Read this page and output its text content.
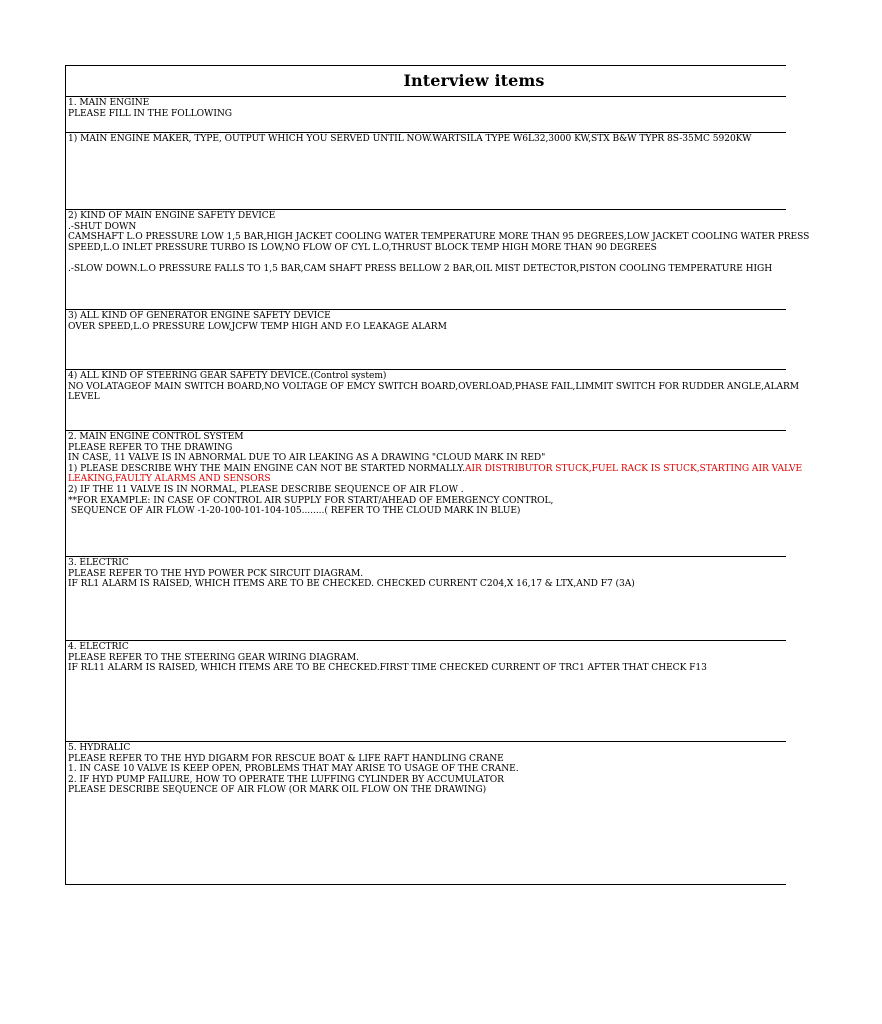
Interview items
1. MAIN ENGINE
PLEASE FILL IN THE FOLLOWING
1) MAIN ENGINE MAKER, TYPE, OUTPUT WHICH YOU SERVED UNTIL NOW.WARTSILA TYPE W6L32,3000 KW,STX B&W TYPR 8S-35MC 5920KW
2) KIND OF MAIN ENGINE SAFETY DEVICE
.-SHUT DOWN
CAMSHAFT L.O PRESSURE LOW 1,5 BAR,HIGH JACKET COOLING WATER TEMPERATURE MORE THAN 95 DEGREES,LOW JACKET COOLING WATER PRESS
SPEED,L.O INLET PRESSURE TURBO IS LOW,NO FLOW OF CYL L.O,THRUST BLOCK TEMP HIGH MORE THAN 90 DEGREES
.-SLOW DOWN.L.O PRESSURE FALLS TO 1,5 BAR,CAM SHAFT PRESS BELLOW 2 BAR,OIL MIST DETECTOR,PISTON COOLING TEMPERATURE HIGH
3) ALL KIND OF GENERATOR ENGINE SAFETY DEVICE
OVER SPEED,L.O PRESSURE LOW,JCFW TEMP HIGH AND F.O LEAKAGE ALARM
4) ALL KIND OF STEERING GEAR SAFETY DEVICE.(Control system)
NO VOLATAGEOF MAIN SWITCH BOARD,NO VOLTAGE OF EMCY SWITCH BOARD,OVERLOAD,PHASE FAIL,LIMMIT SWITCH FOR RUDDER ANGLE,ALARM
LEVEL
2. MAIN ENGINE CONTROL SYSTEM
PLEASE REFER TO THE DRAWING
IN CASE, 11 VALVE IS IN ABNORMAL DUE TO AIR LEAKING AS A DRAWING "CLOUD MARK IN RED"
1) PLEASE DESCRIBE WHY THE MAIN ENGINE CAN NOT BE STARTED NORMALLY.AIR DISTRIBUTOR STUCK,FUEL RACK IS STUCK,STARTING AIR VALVE
LEAKING,FAULTY ALARMS AND SENSORS
2) IF THE 11 VALVE IS IN NORMAL, PLEASE DESCRIBE SEQUENCE OF AIR FLOW .
**FOR EXAMPLE: IN CASE OF CONTROL AIR SUPPLY FOR START/AHEAD OF EMERGENCY CONTROL,
SEQUENCE OF AIR FLOW -1-20-100-101-104-105........( REFER TO THE CLOUD MARK IN BLUE)
3. ELECTRIC
PLEASE REFER TO THE HYD POWER PCK SIRCUIT DIAGRAM.
IF RL1 ALARM IS RAISED, WHICH ITEMS ARE TO BE CHECKED. CHECKED CURRENT C204,X 16,17 & LTX,AND F7 (3A)
4. ELECTRIC
PLEASE REFER TO THE STEERING GEAR WIRING DIAGRAM.
IF RL11 ALARM IS RAISED, WHICH ITEMS ARE TO BE CHECKED.FIRST TIME CHECKED CURRENT OF TRC1 AFTER THAT CHECK F13
5. HYDRALIC
PLEASE REFER TO THE HYD DIGARM FOR RESCUE BOAT & LIFE RAFT HANDLING CRANE
1. IN CASE 10 VALVE IS KEEP OPEN, PROBLEMS THAT MAY ARISE TO USAGE OF THE CRANE.
2. IF HYD PUMP FAILURE, HOW TO OPERATE THE LUFFING CYLINDER BY ACCUMULATOR
PLEASE DESCRIBE SEQUENCE OF AIR FLOW (OR MARK OIL FLOW ON THE DRAWING)
